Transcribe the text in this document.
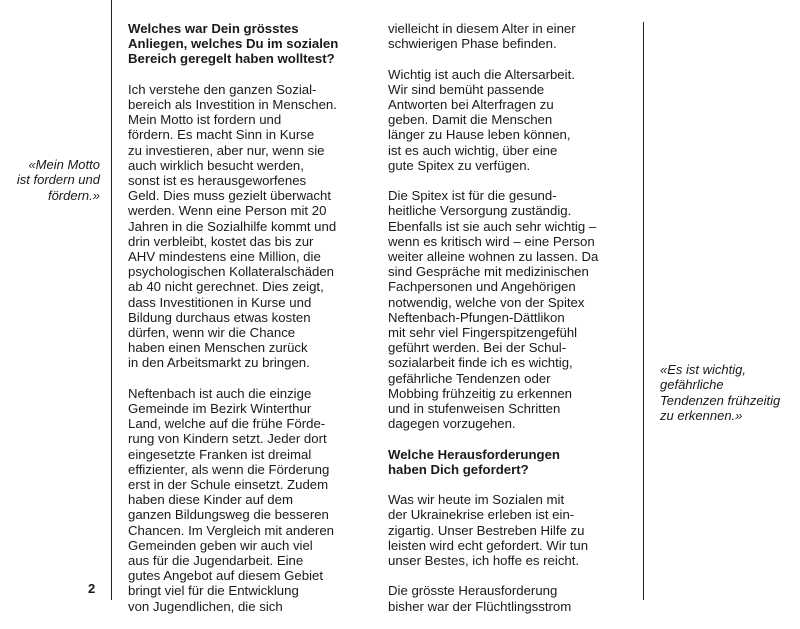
«Mein Motto
ist fordern und
fördern.»
«Es ist wichtig,
gefährliche
Tendenzen frühzeitig
zu erkennen.»
Welches war Dein grösstes
Anliegen, welches Du im sozialen
Bereich geregelt haben wolltest?

Ich verstehe den ganzen Sozial-
bereich als Investition in Menschen.
Mein Motto ist fordern und
fördern. Es macht Sinn in Kurse
zu investieren, aber nur, wenn sie
auch wirklich besucht werden,
sonst ist es herausgeworfenes
Geld. Dies muss gezielt überwacht
werden. Wenn eine Person mit 20
Jahren in die Sozialhilfe kommt und
drin verbleibt, kostet das bis zur
AHV mindestens eine Million, die
psychologischen Kollateralschäden
ab 40 nicht gerechnet. Dies zeigt,
dass Investitionen in Kurse und
Bildung durchaus etwas kosten
dürfen, wenn wir die Chance
haben einen Menschen zurück
in den Arbeitsmarkt zu bringen.

Neftenbach ist auch die einzige
Gemeinde im Bezirk Winterthur
Land, welche auf die frühe Förde-
rung von Kindern setzt. Jeder dort
eingesetzte Franken ist dreimal
effizienter, als wenn die Förderung
erst in der Schule einsetzt. Zudem
haben diese Kinder auf dem
ganzen Bildungsweg die besseren
Chancen. Im Vergleich mit anderen
Gemeinden geben wir auch viel
aus für die Jugendarbeit. Eine
gutes Angebot auf diesem Gebiet
bringt viel für die Entwicklung
von Jugendlichen, die sich

vielleicht in diesem Alter in einer
schwierigen Phase befinden.

Wichtig ist auch die Altersarbeit.
Wir sind bemüht passende
Antworten bei Alterfragen zu
geben. Damit die Menschen
länger zu Hause leben können,
ist es auch wichtig, über eine
gute Spitex zu verfügen.

Die Spitex ist für die gesund-
heitliche Versorgung zuständig.
Ebenfalls ist sie auch sehr wichtig –
wenn es kritisch wird – eine Person
weiter alleine wohnen zu lassen. Da
sind Gespräche mit medizinischen
Fachpersonen und Angehörigen
notwendig, welche von der Spitex
Neftenbach-Pfungen-Dättlikon
mit sehr viel Fingerspitzengefühl
geführt werden. Bei der Schul-
sozialarbeit finde ich es wichtig,
gefährliche Tendenzen oder
Mobbing frühzeitig zu erkennen
und in stufenweisen Schritten
dagegen vorzugehen.

Welche Herausforderungen
haben Dich gefordert?

Was wir heute im Sozialen mit
der Ukrainekrise erleben ist ein-
zigartig. Unser Bestreben Hilfe zu
leisten wird echt gefordert. Wir tun
unser Bestes, ich hoffe es reicht.

Die grösste Herausforderung
bisher war der Flüchtlingsstrom

2
